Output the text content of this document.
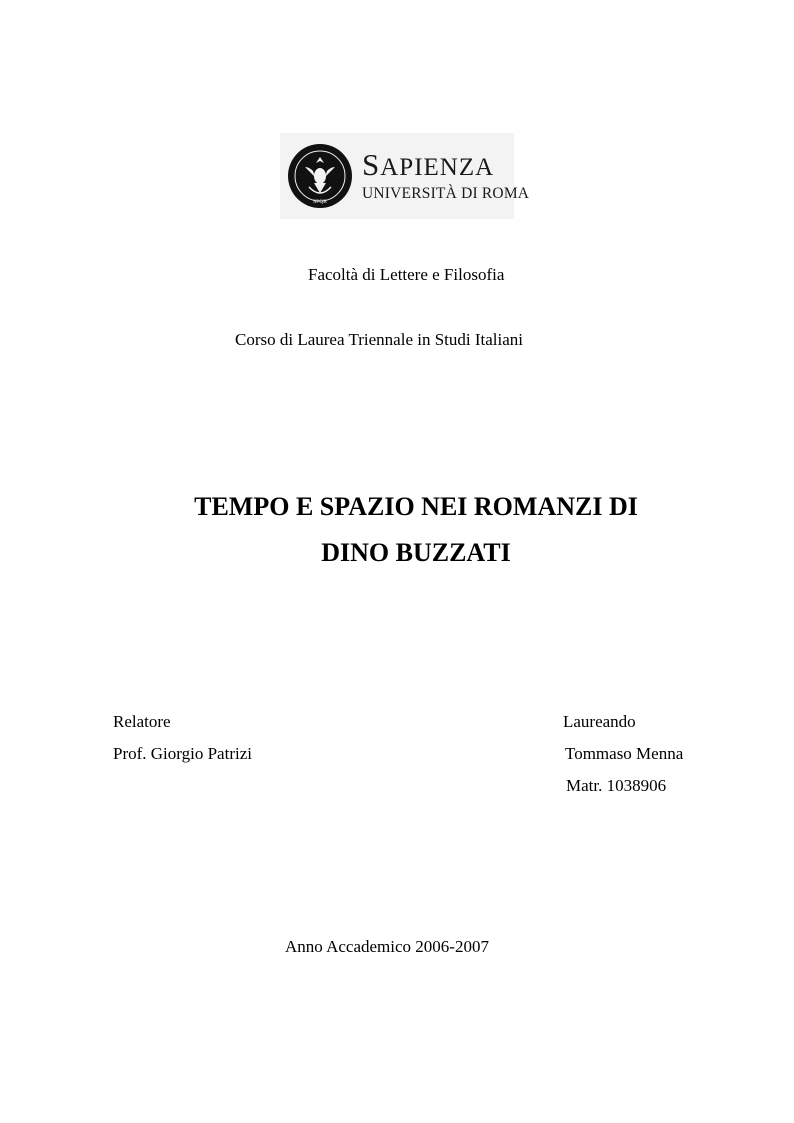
SPQR
SAPIENZA
UNIVERSITÀ DI ROMA
Facoltà di Lettere e Filosofia
Corso di Laurea Triennale in Studi Italiani
TEMPO E SPAZIO NEI ROMANZI DI
DINO BUZZATI
Relatore
Prof. Giorgio Patrizi
Laureando
Tommaso Menna
Matr. 1038906
Anno Accademico 2006-2007
